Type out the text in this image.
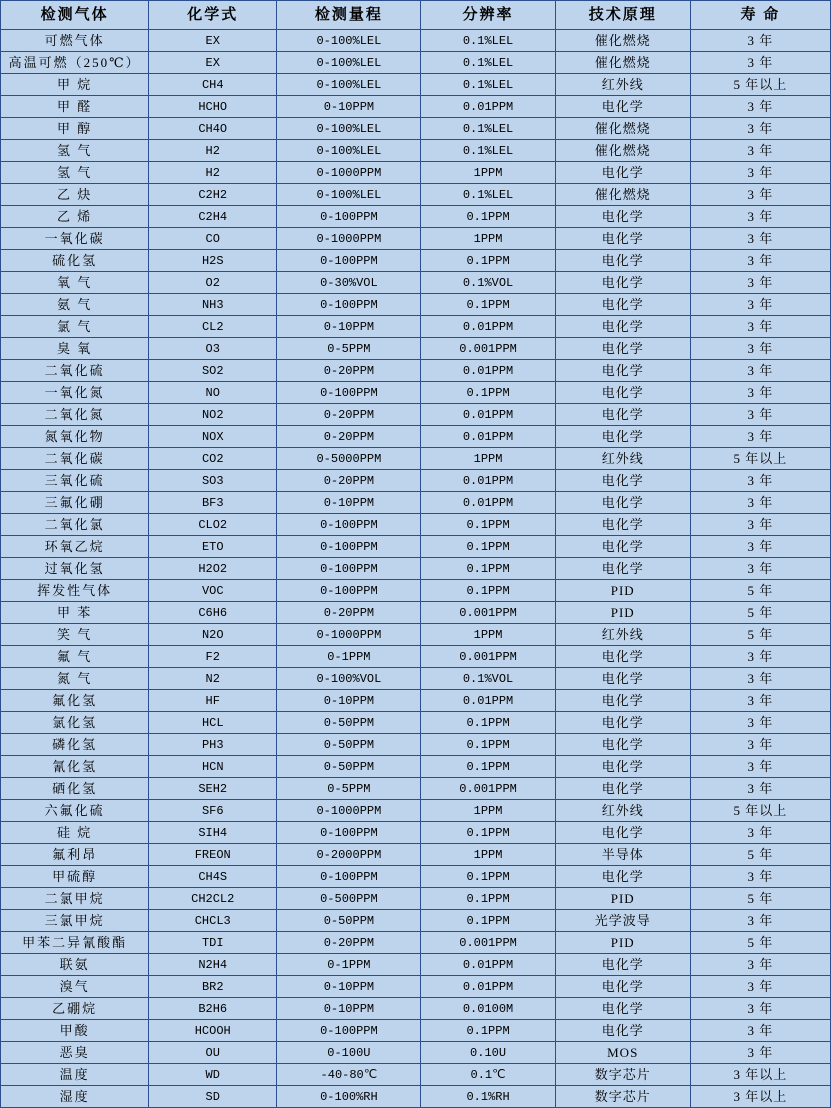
检测气体	化学式	检测量程	分辨率	技术原理	寿 命
可燃气体	EX	0-100%LEL	0.1%LEL	催化燃烧	3 年
高温可燃（250℃）	EX	0-100%LEL	0.1%LEL	催化燃烧	3 年
甲 烷	CH4	0-100%LEL	0.1%LEL	红外线	5 年以上
甲 醛	HCHO	0-10PPM	0.01PPM	电化学	3 年
甲 醇	CH4O	0-100%LEL	0.1%LEL	催化燃烧	3 年
氢 气	H2	0-100%LEL	0.1%LEL	催化燃烧	3 年
氢 气	H2	0-1000PPM	1PPM	电化学	3 年
乙 炔	C2H2	0-100%LEL	0.1%LEL	催化燃烧	3 年
乙 烯	C2H4	0-100PPM	0.1PPM	电化学	3 年
一氧化碳	CO	0-1000PPM	1PPM	电化学	3 年
硫化氢	H2S	0-100PPM	0.1PPM	电化学	3 年
氧 气	O2	0-30%VOL	0.1%VOL	电化学	3 年
氨 气	NH3	0-100PPM	0.1PPM	电化学	3 年
氯 气	CL2	0-10PPM	0.01PPM	电化学	3 年
臭 氧	O3	0-5PPM	0.001PPM	电化学	3 年
二氧化硫	SO2	0-20PPM	0.01PPM	电化学	3 年
一氧化氮	NO	0-100PPM	0.1PPM	电化学	3 年
二氧化氮	NO2	0-20PPM	0.01PPM	电化学	3 年
氮氧化物	NOX	0-20PPM	0.01PPM	电化学	3 年
二氧化碳	CO2	0-5000PPM	1PPM	红外线	5 年以上
三氧化硫	SO3	0-20PPM	0.01PPM	电化学	3 年
三氟化硼	BF3	0-10PPM	0.01PPM	电化学	3 年
二氧化氯	CLO2	0-100PPM	0.1PPM	电化学	3 年
环氧乙烷	ETO	0-100PPM	0.1PPM	电化学	3 年
过氧化氢	H2O2	0-100PPM	0.1PPM	电化学	3 年
挥发性气体	VOC	0-100PPM	0.1PPM	PID	5 年
甲 苯	C6H6	0-20PPM	0.001PPM	PID	5 年
笑 气	N2O	0-1000PPM	1PPM	红外线	5 年
氟 气	F2	0-1PPM	0.001PPM	电化学	3 年
氮 气	N2	0-100%VOL	0.1%VOL	电化学	3 年
氟化氢	HF	0-10PPM	0.01PPM	电化学	3 年
氯化氢	HCL	0-50PPM	0.1PPM	电化学	3 年
磷化氢	PH3	0-50PPM	0.1PPM	电化学	3 年
氰化氢	HCN	0-50PPM	0.1PPM	电化学	3 年
硒化氢	SEH2	0-5PPM	0.001PPM	电化学	3 年
六氟化硫	SF6	0-1000PPM	1PPM	红外线	5 年以上
硅 烷	SIH4	0-100PPM	0.1PPM	电化学	3 年
氟利昂	FREON	0-2000PPM	1PPM	半导体	5 年
甲硫醇	CH4S	0-100PPM	0.1PPM	电化学	3 年
二氯甲烷	CH2CL2	0-500PPM	0.1PPM	PID	5 年
三氯甲烷	CHCL3	0-50PPM	0.1PPM	光学波导	3 年
甲苯二异氰酸酯	TDI	0-20PPM	0.001PPM	PID	5 年
联氨	N2H4	0-1PPM	0.01PPM	电化学	3 年
溴气	BR2	0-10PPM	0.01PPM	电化学	3 年
乙硼烷	B2H6	0-10PPM	0.0100M	电化学	3 年
甲酸	HCOOH	0-100PPM	0.1PPM	电化学	3 年
恶臭	OU	0-100U	0.10U	MOS	3 年
温度	WD	-40-80℃	0.1℃	数字芯片	3 年以上
湿度	SD	0-100%RH	0.1%RH	数字芯片	3 年以上
